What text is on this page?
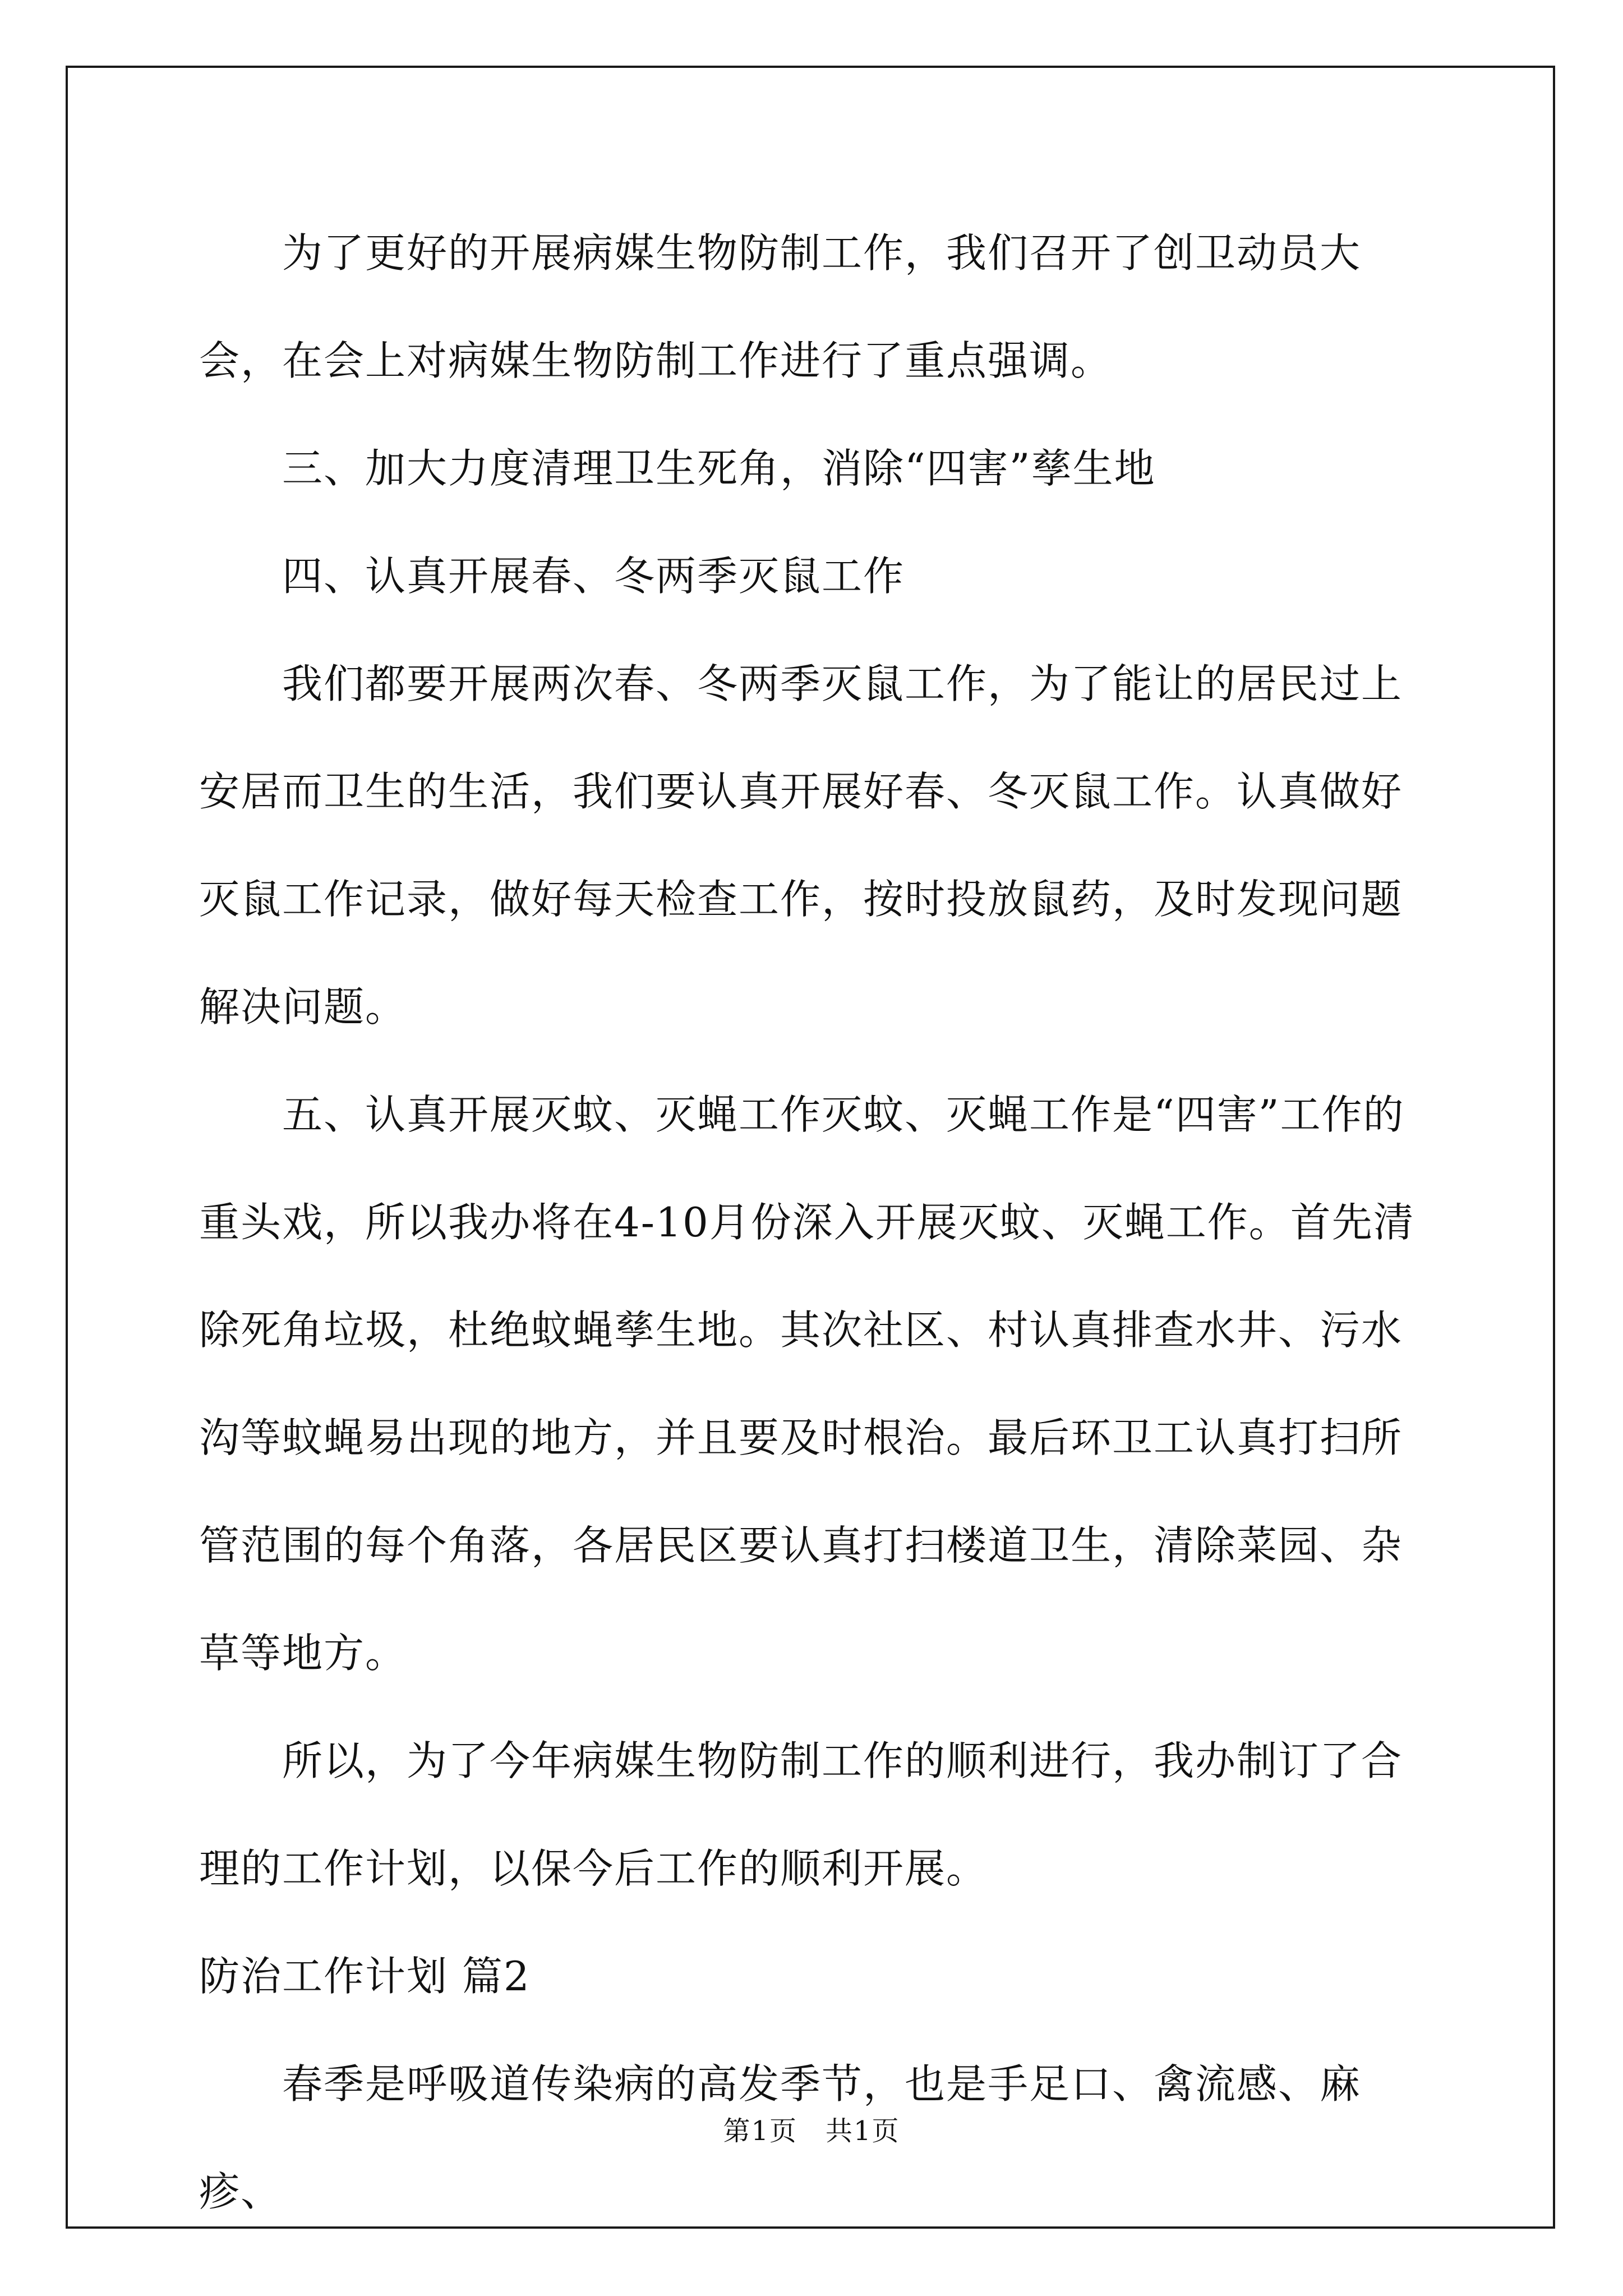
为了更好的开展病媒生物防制工作，我们召开了创卫动员大会，在会上对病媒生物防制工作进行了重点强调。

三、加大力度清理卫生死角，消除“四害”孳生地

四、认真开展春、冬两季灭鼠工作

我们都要开展两次春、冬两季灭鼠工作，为了能让的居民过上安居而卫生的生活，我们要认真开展好春、冬灭鼠工作。认真做好灭鼠工作记录，做好每天检查工作，按时投放鼠药，及时发现问题解决问题。

五、认真开展灭蚊、灭蝇工作灭蚊、灭蝇工作是“四害”工作的重头戏，所以我办将在4-10月份深入开展灭蚊、灭蝇工作。首先清除死角垃圾，杜绝蚊蝇孳生地。其次社区、村认真排查水井、污水沟等蚊蝇易出现的地方，并且要及时根治。最后环卫工认真打扫所管范围的每个角落，各居民区要认真打扫楼道卫生，清除菜园、杂草等地方。

所以，为了今年病媒生物防制工作的顺利进行，我办制订了合理的工作计划，以保今后工作的顺利开展。

防治工作计划 篇2

春季是呼吸道传染病的高发季节，也是手足口、禽流感、麻疹、

第1页　共1页
